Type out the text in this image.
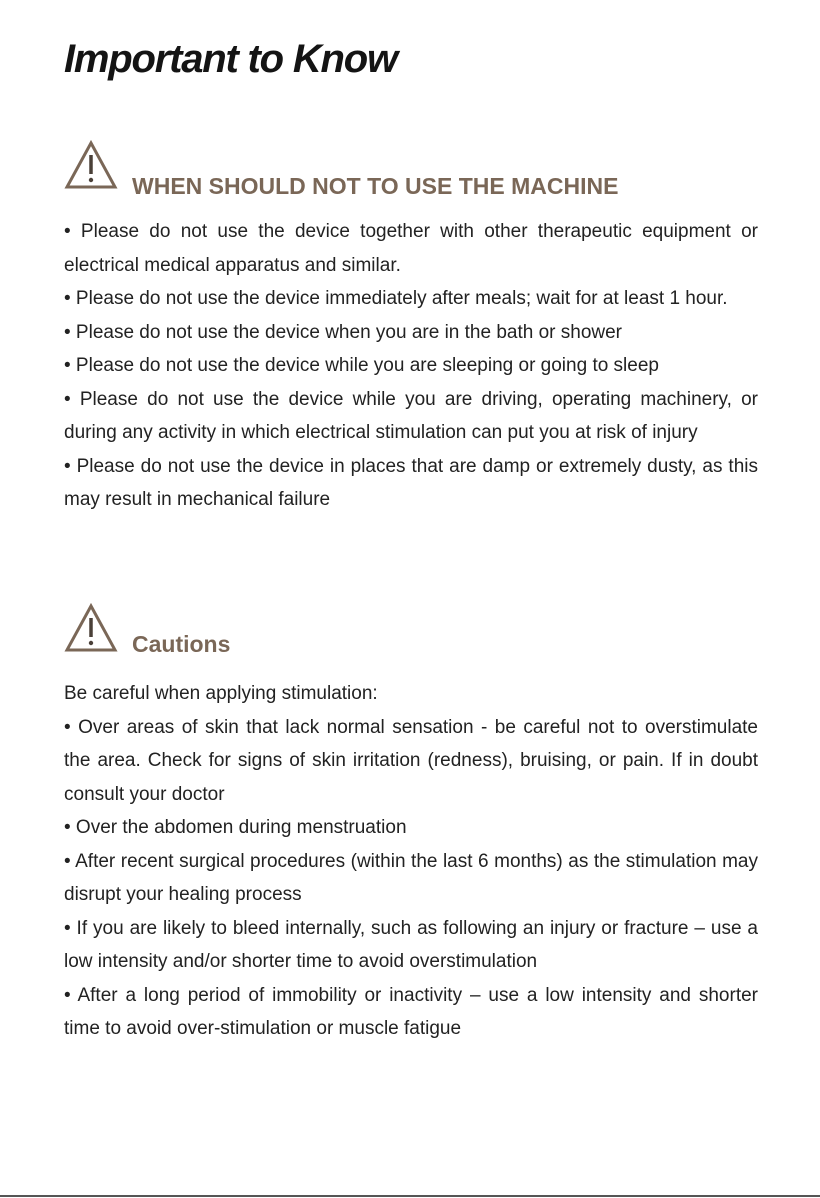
Important to Know
WHEN SHOULD NOT TO USE THE MACHINE

• Please do not use the device together with other therapeutic equipment or electrical medical apparatus and similar.

• Please do not use the device immediately after meals; wait for at least 1 hour.

• Please do not use the device when you are in the bath or shower

• Please do not use the device while you are sleeping or going to sleep

• Please do not use the device while you are driving, operating machinery, or during any activity in which electrical stimulation can put you at risk of injury

• Please do not use the device in places that are damp or extremely dusty, as this may result in mechanical failure

Cautions

Be careful when applying stimulation:

• Over areas of skin that lack normal sensation - be careful not to overstimulate the area. Check for signs of skin irritation (redness), bruising, or pain. If in doubt consult your doctor

• Over the abdomen during menstruation

• After recent surgical procedures (within the last 6 months) as the stimulation may disrupt your healing process

• If you are likely to bleed internally, such as following an injury or fracture – use a low intensity and/or shorter time to avoid overstimulation

• After a long period of immobility or inactivity – use a low intensity and shorter time to avoid over-stimulation or muscle fatigue
